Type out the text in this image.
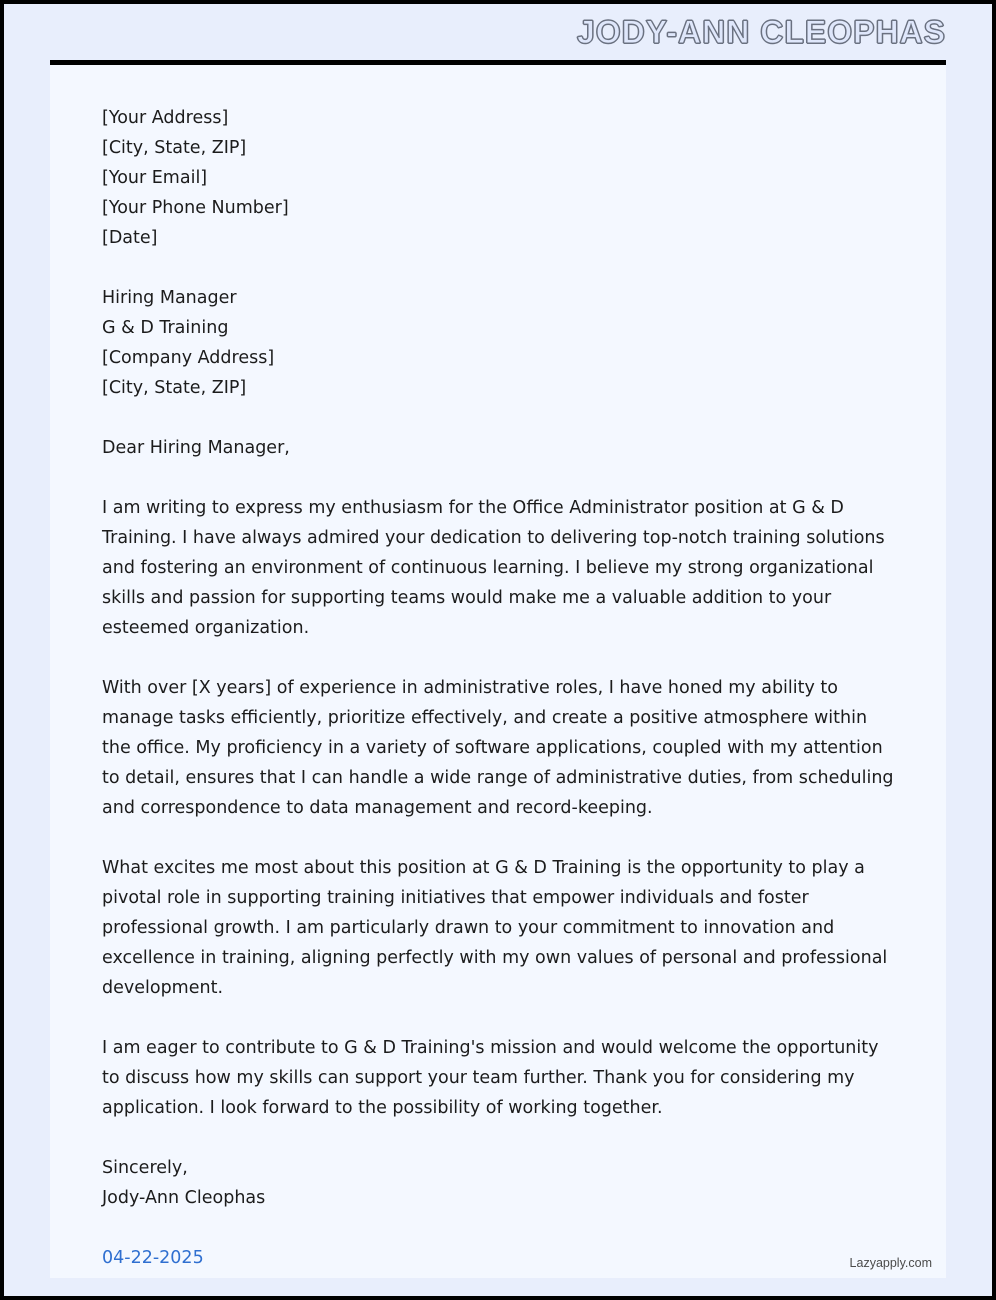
JODY-ANN CLEOPHAS
[Your Address]
[City, State, ZIP]
[Your Email]
[Your Phone Number]
[Date]
Hiring Manager
G & D Training
[Company Address]
[City, State, ZIP]
Dear Hiring Manager,

I am writing to express my enthusiasm for the Office Administrator position at G & D Training. I have always admired your dedication to delivering top-notch training solutions and fostering an environment of continuous learning. I believe my strong organizational skills and passion for supporting teams would make me a valuable addition to your esteemed organization.

With over [X years] of experience in administrative roles, I have honed my ability to manage tasks efficiently, prioritize effectively, and create a positive atmosphere within the office. My proficiency in a variety of software applications, coupled with my attention to detail, ensures that I can handle a wide range of administrative duties, from scheduling and correspondence to data management and record-keeping.

What excites me most about this position at G & D Training is the opportunity to play a pivotal role in supporting training initiatives that empower individuals and foster professional growth. I am particularly drawn to your commitment to innovation and excellence in training, aligning perfectly with my own values of personal and professional development.

I am eager to contribute to G & D Training's mission and would welcome the opportunity to discuss how my skills can support your team further. Thank you for considering my application. I look forward to the possibility of working together.

Sincerely,
Jody-Ann Cleophas
04-22-2025	Lazyapply.com
